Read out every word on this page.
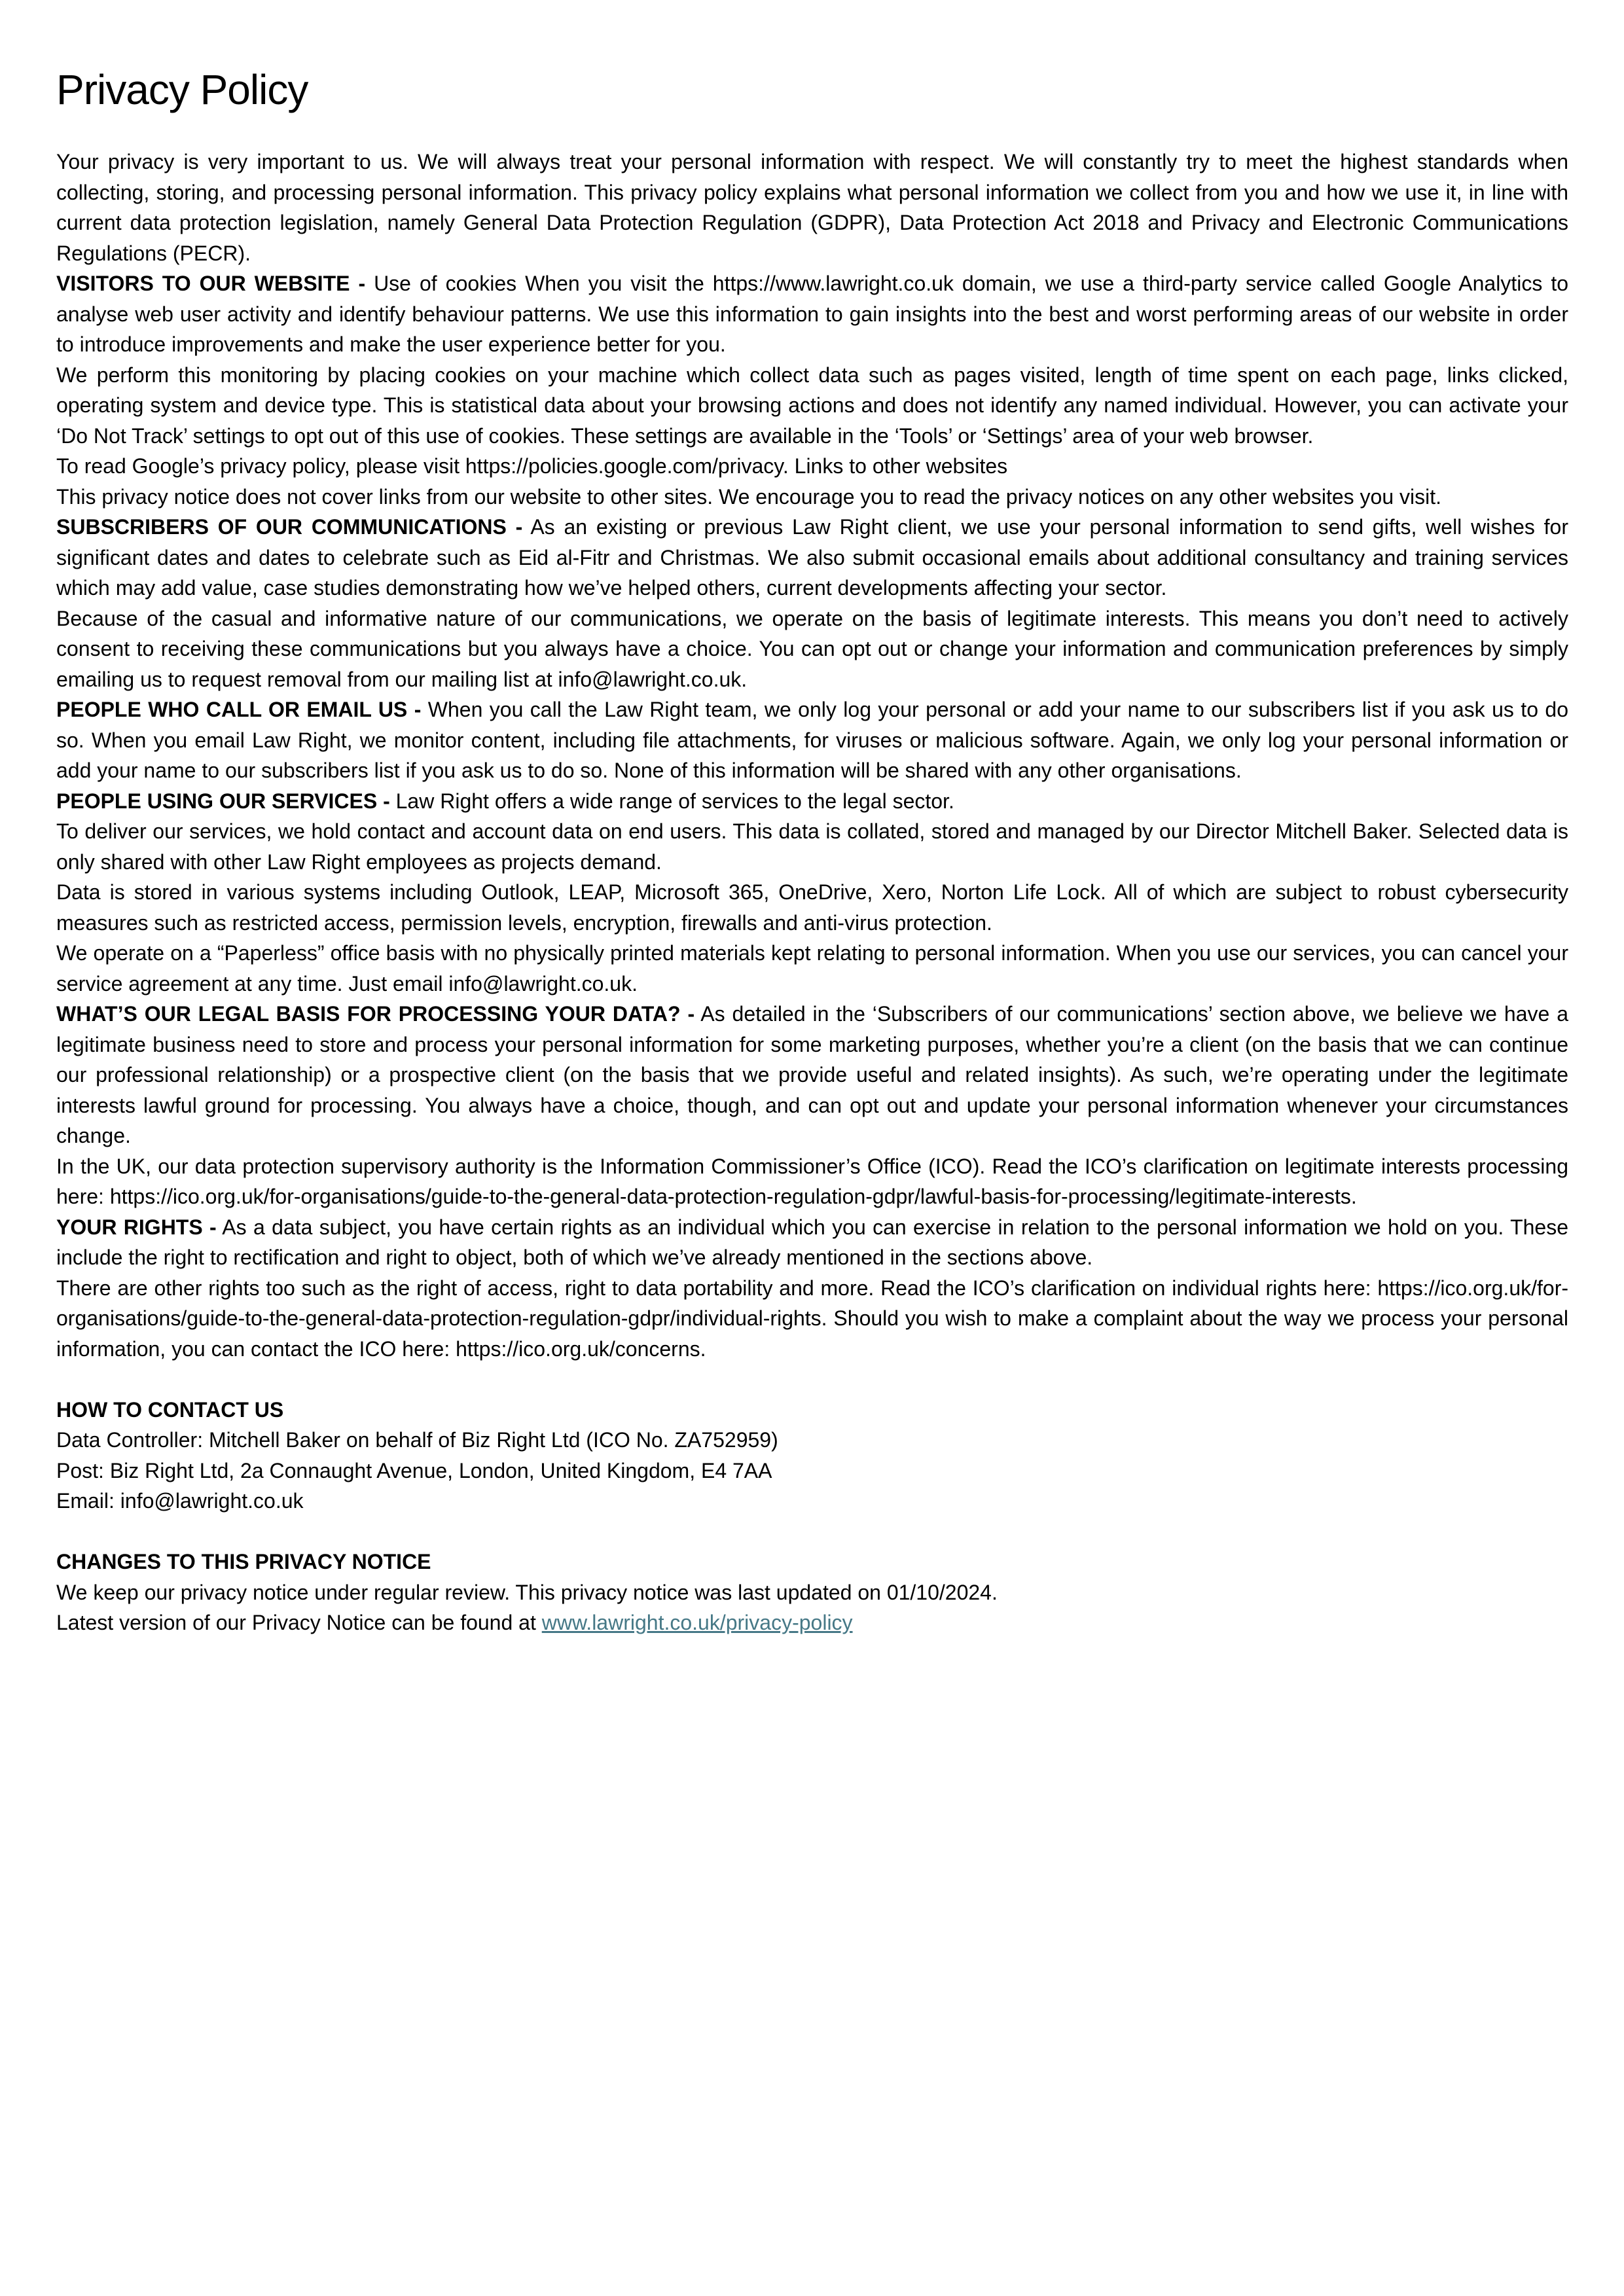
Privacy Policy

Your privacy is very important to us. We will always treat your personal information with respect. We will constantly try to meet the highest standards when collecting, storing, and processing personal information. This privacy policy explains what personal information we collect from you and how we use it, in line with current data protection legislation, namely General Data Protection Regulation (GDPR), Data Protection Act 2018 and Privacy and Electronic Communications Regulations (PECR).

VISITORS TO OUR WEBSITE - Use of cookies When you visit the https://www.lawright.co.uk domain, we use a third-party service called Google Analytics to analyse web user activity and identify behaviour patterns. We use this information to gain insights into the best and worst performing areas of our website in order to introduce improvements and make the user experience better for you.

We perform this monitoring by placing cookies on your machine which collect data such as pages visited, length of time spent on each page, links clicked, operating system and device type. This is statistical data about your browsing actions and does not identify any named individual. However, you can activate your ‘Do Not Track’ settings to opt out of this use of cookies. These settings are available in the ‘Tools’ or ‘Settings’ area of your web browser.

To read Google’s privacy policy, please visit https://policies.google.com/privacy. Links to other websites

This privacy notice does not cover links from our website to other sites. We encourage you to read the privacy notices on any other websites you visit.

SUBSCRIBERS OF OUR COMMUNICATIONS - As an existing or previous Law Right client, we use your personal information to send gifts, well wishes for significant dates and dates to celebrate such as Eid al-Fitr and Christmas. We also submit occasional emails about additional consultancy and training services which may add value, case studies demonstrating how we’ve helped others, current developments affecting your sector.

Because of the casual and informative nature of our communications, we operate on the basis of legitimate interests. This means you don’t need to actively consent to receiving these communications but you always have a choice. You can opt out or change your information and communication preferences by simply emailing us to request removal from our mailing list at info@lawright.co.uk.

PEOPLE WHO CALL OR EMAIL US - When you call the Law Right team, we only log your personal or add your name to our subscribers list if you ask us to do so. When you email Law Right, we monitor content, including file attachments, for viruses or malicious software. Again, we only log your personal information or add your name to our subscribers list if you ask us to do so. None of this information will be shared with any other organisations.

PEOPLE USING OUR SERVICES - Law Right offers a wide range of services to the legal sector.

To deliver our services, we hold contact and account data on end users. This data is collated, stored and managed by our Director Mitchell Baker. Selected data is only shared with other Law Right employees as projects demand.

Data is stored in various systems including Outlook, LEAP, Microsoft 365, OneDrive, Xero, Norton Life Lock. All of which are subject to robust cybersecurity measures such as restricted access, permission levels, encryption, firewalls and anti-virus protection.

We operate on a “Paperless” office basis with no physically printed materials kept relating to personal information. When you use our services, you can cancel your service agreement at any time. Just email info@lawright.co.uk.

WHAT’S OUR LEGAL BASIS FOR PROCESSING YOUR DATA? - As detailed in the ‘Subscribers of our communications’ section above, we believe we have a legitimate business need to store and process your personal information for some marketing purposes, whether you’re a client (on the basis that we can continue our professional relationship) or a prospective client (on the basis that we provide useful and related insights). As such, we’re operating under the legitimate interests lawful ground for processing. You always have a choice, though, and can opt out and update your personal information whenever your circumstances change.

In the UK, our data protection supervisory authority is the Information Commissioner’s Office (ICO). Read the ICO’s clarification on legitimate interests processing here: https://ico.org.uk/for-organisations/guide-to-the-general-data-protection-regulation-gdpr/lawful-basis-for-processing/legitimate-interests.

YOUR RIGHTS - As a data subject, you have certain rights as an individual which you can exercise in relation to the personal information we hold on you. These include the right to rectification and right to object, both of which we’ve already mentioned in the sections above.

There are other rights too such as the right of access, right to data portability and more. Read the ICO’s clarification on individual rights here: https://ico.org.uk/for-organisations/guide-to-the-general-data-protection-regulation-gdpr/individual-rights. Should you wish to make a complaint about the way we process your personal information, you can contact the ICO here: https://ico.org.uk/concerns.

HOW TO CONTACT US

Data Controller: Mitchell Baker on behalf of Biz Right Ltd (ICO No. ZA752959)

Post: Biz Right Ltd, 2a Connaught Avenue, London, United Kingdom, E4 7AA

Email: info@lawright.co.uk

CHANGES TO THIS PRIVACY NOTICE

We keep our privacy notice under regular review. This privacy notice was last updated on 01/10/2024.

Latest version of our Privacy Notice can be found at www.lawright.co.uk/privacy-policy
